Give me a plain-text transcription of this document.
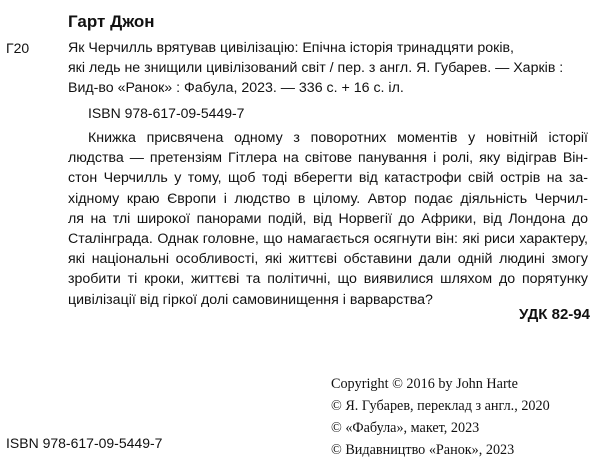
Гарт Джон
Г20	Як Черчилль врятував цивілізацію: Епічна історія тринадцяти років,
які ледь не знищили цивілізований світ / пер. з англ. Я. Губарев. — Харків :
Вид-во «Ранок» : Фабула, 2023. — 336 с. + 16 с. іл.
ISBN 978-617-09-5449-7
Книжка присвячена одному з поворотних моментів у новітній історії
людства — претензіям Гітлера на світове панування і ролі, яку відіграв Він-
стон Черчилль у тому, щоб тоді вберегти від катастрофи свій острів на за-
хідному краю Європи і людство в цілому. Автор подає діяльність Черчил-
ля на тлі широкої панорами подій, від Норвегії до Африки, від Лондона до
Сталінграда. Однак головне, що намагається осягнути він: які риси характеру,
які національні особливості, які життєві обставини дали одній людині змогу
зробити ті кроки, життєві та політичні, що виявилися шляхом до порятунку
цивілізації від гіркої долі самовинищення і варварства?
УДК 82-94
Copyright © 2016 by John Harte
© Я. Губарев, переклад з англ., 2020
© «Фабула», макет, 2023
© Видавництво «Ранок», 2023
ISBN 978-617-09-5449-7
